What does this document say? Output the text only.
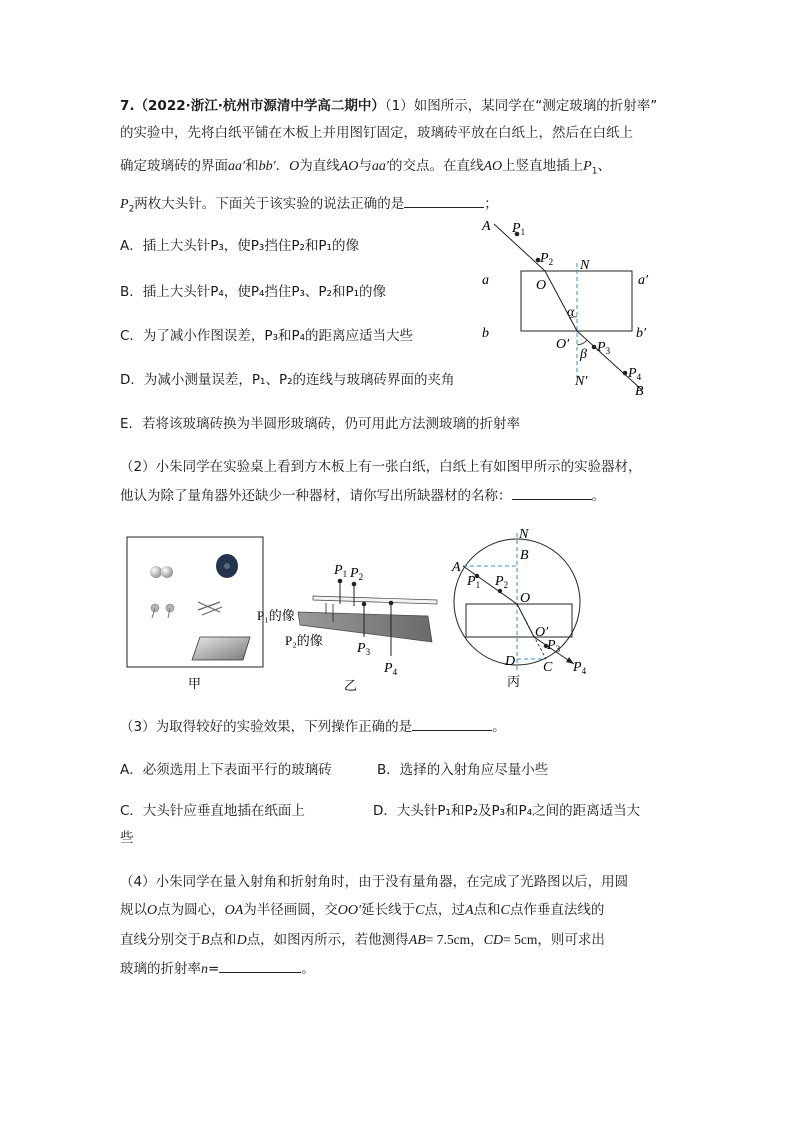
7.（2022·浙江·杭州市源清中学高二期中）（1）如图所示，某同学在“测定玻璃的折射率”
的实验中，先将白纸平铺在木板上并用图钉固定，玻璃砖平放在白纸上，然后在白纸上
确定玻璃砖的界面aa′和bb′．O为直线AO与aa′的交点。在直线AO上竖直地插上$P_1$、
$P_2$两枚大头针。下面关于该实验的说法正确的是	；
A．插上大头针P₃，使P₃挡住P₂和P₁的像
B．插上大头针P₄，使P₄挡住P₃、P₂和P₁的像
C．为了减小作图误差，P₃和P₄的距离应适当大些
D．为减小测量误差，P₁、P₂的连线与玻璃砖界面的夹角
E．若将该玻璃砖换为半圆形玻璃砖，仍可用此方法测玻璃的折射率
A $P_1$
$P_2$ N
a	a′
O
α
b	b′
O′ $P_3$
β
N′
$P_4$
B
（2）小朱同学在实验桌上看到方木板上有一张白纸，白纸上有如图甲所示的实验器材，
他认为除了量角器外还缺少一种器材，请你写出所缺器材的名称：	。
甲
$P_1$ $P_2$
P₁的像
P₂的像
$P_3$
$P_4$
乙
N
B
A
$P_1$ $P_2$
O
O′
$P_3$
D C $P_4$
丙
（3）为取得较好的实验效果，下列操作正确的是	。
A．必须选用上下表面平行的玻璃砖	B．选择的入射角应尽量小些
C．大头针应垂直地插在纸面上	D．大头针P₁和P₂及P₃和P₄之间的距离适当大
些
（4）小朱同学在量入射角和折射角时，由于没有量角器，在完成了光路图以后，用圆
规以O点为圆心，OA为半径画圆，交OO′延长线于C点，过A点和C点作垂直法线的
直线分别交于B点和D点，如图丙所示，若他测得AB= 7.5cm，CD= 5cm，则可求出
玻璃的折射率n=	。
